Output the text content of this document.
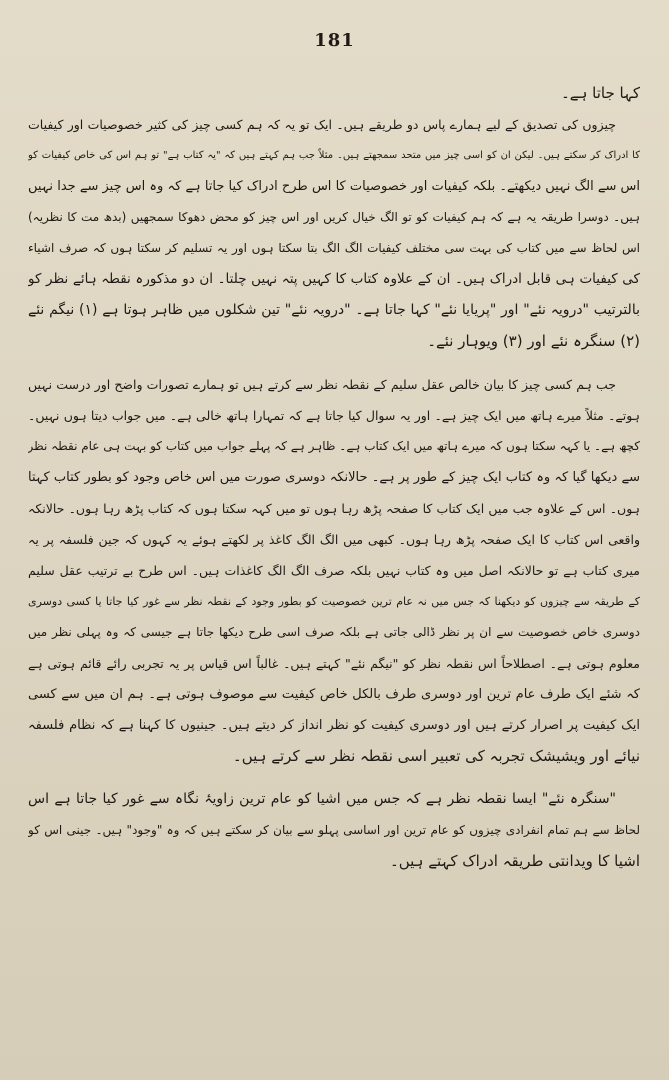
181
کہا جاتا ہے۔
چیزوں کی تصدیق کے لیے ہمارے پاس دو طریقے ہیں۔ ایک تو یہ کہ ہم کسی چیز کی کثیر خصوصیات اور کیفیات
کا ادراک کر سکتے ہیں۔ لیکن ان کو اسی چیز میں متحد سمجھتے ہیں۔ مثلاً جب ہم کہتے ہیں کہ "یہ کتاب ہے" تو ہم اس کی خاص کیفیات کو
اس سے الگ نہیں دیکھتے۔ بلکہ کیفیات اور خصوصیات کا اس طرح ادراک کیا جاتا ہے کہ وہ اس چیز سے جدا نہیں
ہیں۔ دوسرا طریقہ یہ ہے کہ ہم کیفیات کو تو الگ خیال کریں اور اس چیز کو محض دھوکا سمجھیں (بدھ مت کا نظریہ)
اس لحاظ سے میں کتاب کی بہت سی مختلف کیفیات الگ الگ بتا سکتا ہوں اور یہ تسلیم کر سکتا ہوں کہ صرف اشیاء
کی کیفیات ہی قابل ادراک ہیں۔ ان کے علاوہ کتاب کا کہیں پتہ نہیں چلتا۔ ان دو مذکورہ نقطہ ہائے نظر کو
بالترتیب "درویہ نئے" اور "پریایا نئے" کہا جاتا ہے۔ "درویہ نئے" تین شکلوں میں ظاہر ہوتا ہے (۱) نیگم نئے
(۲) سنگرہ نئے اور (۳) ویوہار نئے۔
جب ہم کسی چیز کا بیان خالص عقل سلیم کے نقطہ نظر سے کرتے ہیں تو ہمارے تصورات واضح اور درست نہیں
ہوتے۔ مثلاً میرے ہاتھ میں ایک چیز ہے۔ اور یہ سوال کیا جاتا ہے کہ تمہارا ہاتھ خالی ہے۔ میں جواب دیتا ہوں نہیں۔
کچھ ہے۔ یا کہہ سکتا ہوں کہ میرے ہاتھ میں ایک کتاب ہے۔ ظاہر ہے کہ پہلے جواب میں کتاب کو بہت ہی عام نقطہ نظر
سے دیکھا گیا کہ وہ کتاب ایک چیز کے طور پر ہے۔ حالانکہ دوسری صورت میں اس خاص وجود کو بطور کتاب کہتا
ہوں۔ اس کے علاوہ جب میں ایک کتاب کا صفحہ پڑھ رہا ہوں تو میں کہہ سکتا ہوں کہ کتاب پڑھ رہا ہوں۔ حالانکہ
واقعی اس کتاب کا ایک صفحہ پڑھ رہا ہوں۔ کبھی میں الگ الگ کاغذ پر لکھتے ہوئے یہ کہوں کہ جین فلسفہ پر یہ
میری کتاب ہے تو حالانکہ اصل میں وہ کتاب نہیں بلکہ صرف الگ الگ کاغذات ہیں۔ اس طرح بے ترتیب عقل سلیم
کے طریقہ سے چیزوں کو دیکھنا کہ جس میں نہ عام ترین خصوصیت کو بطور وجود کے نقطہ نظر سے غور کیا جاتا یا کسی دوسری
دوسری خاص خصوصیت سے ان پر نظر ڈالی جاتی ہے بلکہ صرف اسی طرح دیکھا جاتا ہے جیسی کہ وہ پہلی نظر میں
معلوم ہوتی ہے۔ اصطلاحاً اس نقطہ نظر کو "نیگم نئے" کہتے ہیں۔ غالباً اس قیاس پر یہ تجربی رائے قائم ہوتی ہے
کہ شئے ایک طرف عام ترین اور دوسری طرف بالکل خاص کیفیت سے موصوف ہوتی ہے۔ ہم ان میں سے کسی
ایک کیفیت پر اصرار کرتے ہیں اور دوسری کیفیت کو نظر انداز کر دیتے ہیں۔ جینیوں کا کہنا ہے کہ نظام فلسفہ
نیائے اور ویشیشک تجربہ کی تعبیر اسی نقطہ نظر سے کرتے ہیں۔
"سنگرہ نئے" ایسا نقطہ نظر ہے کہ جس میں اشیا کو عام ترین زاویۂ نگاہ سے غور کیا جاتا ہے اس
لحاظ سے ہم تمام انفرادی چیزوں کو عام ترین اور اساسی پہلو سے بیان کر سکتے ہیں کہ وہ "وجود" ہیں۔ جینی اس کو
اشیا کا ویدانتی طریقہ ادراک کہتے ہیں۔
